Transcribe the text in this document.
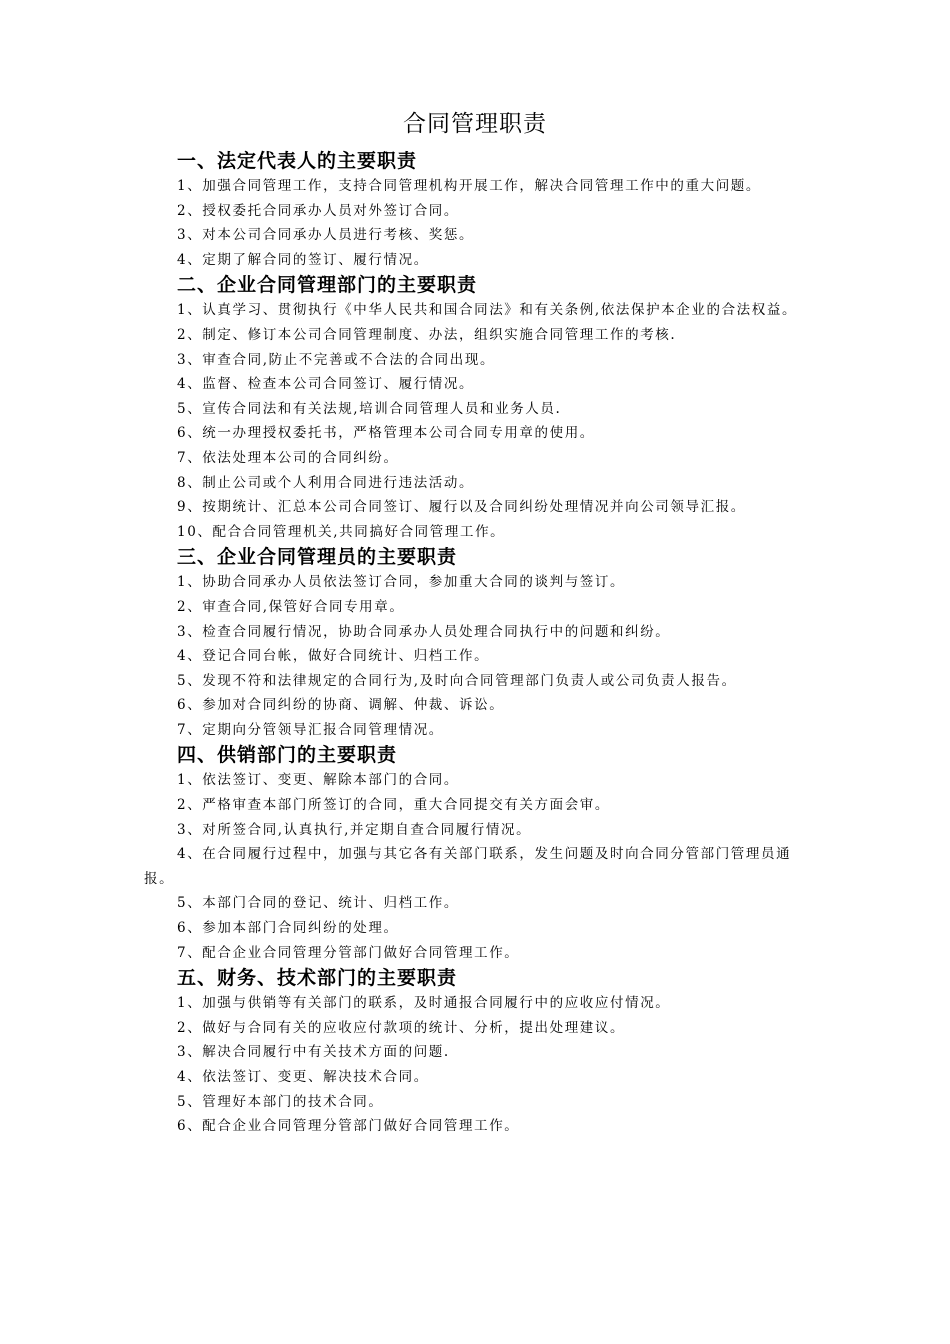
合同管理职责
一、法定代表人的主要职责
1、加强合同管理工作，支持合同管理机构开展工作，解决合同管理工作中的重大问题。
2、授权委托合同承办人员对外签订合同。
3、对本公司合同承办人员进行考核、奖惩。
4、定期了解合同的签订、履行情况。
二、企业合同管理部门的主要职责
1、认真学习、贯彻执行《中华人民共和国合同法》和有关条例,依法保护本企业的合法权益。
2、制定、修订本公司合同管理制度、办法，组织实施合同管理工作的考核.
3、审查合同,防止不完善或不合法的合同出现。
4、监督、检查本公司合同签订、履行情况。
5、宣传合同法和有关法规,培训合同管理人员和业务人员.
6、统一办理授权委托书，严格管理本公司合同专用章的使用。
7、依法处理本公司的合同纠纷。
8、制止公司或个人利用合同进行违法活动。
9、按期统计、汇总本公司合同签订、履行以及合同纠纷处理情况并向公司领导汇报。
10、配合合同管理机关,共同搞好合同管理工作。
三、企业合同管理员的主要职责
1、协助合同承办人员依法签订合同，参加重大合同的谈判与签订。
2、审查合同,保管好合同专用章。
3、检查合同履行情况，协助合同承办人员处理合同执行中的问题和纠纷。
4、登记合同台帐，做好合同统计、归档工作。
5、发现不符和法律规定的合同行为,及时向合同管理部门负责人或公司负责人报告。
6、参加对合同纠纷的协商、调解、仲裁、诉讼。
7、定期向分管领导汇报合同管理情况。
四、供销部门的主要职责
1、依法签订、变更、解除本部门的合同。
2、严格审查本部门所签订的合同，重大合同提交有关方面会审。
3、对所签合同,认真执行,并定期自查合同履行情况。
4、在合同履行过程中，加强与其它各有关部门联系，发生问题及时向合同分管部门管理员通报。
5、本部门合同的登记、统计、归档工作。
6、参加本部门合同纠纷的处理。
7、配合企业合同管理分管部门做好合同管理工作。
五、财务、技术部门的主要职责
1、加强与供销等有关部门的联系，及时通报合同履行中的应收应付情况。
2、做好与合同有关的应收应付款项的统计、分析，提出处理建议。
3、解决合同履行中有关技术方面的问题.
4、依法签订、变更、解决技术合同。
5、管理好本部门的技术合同。
6、配合企业合同管理分管部门做好合同管理工作。
